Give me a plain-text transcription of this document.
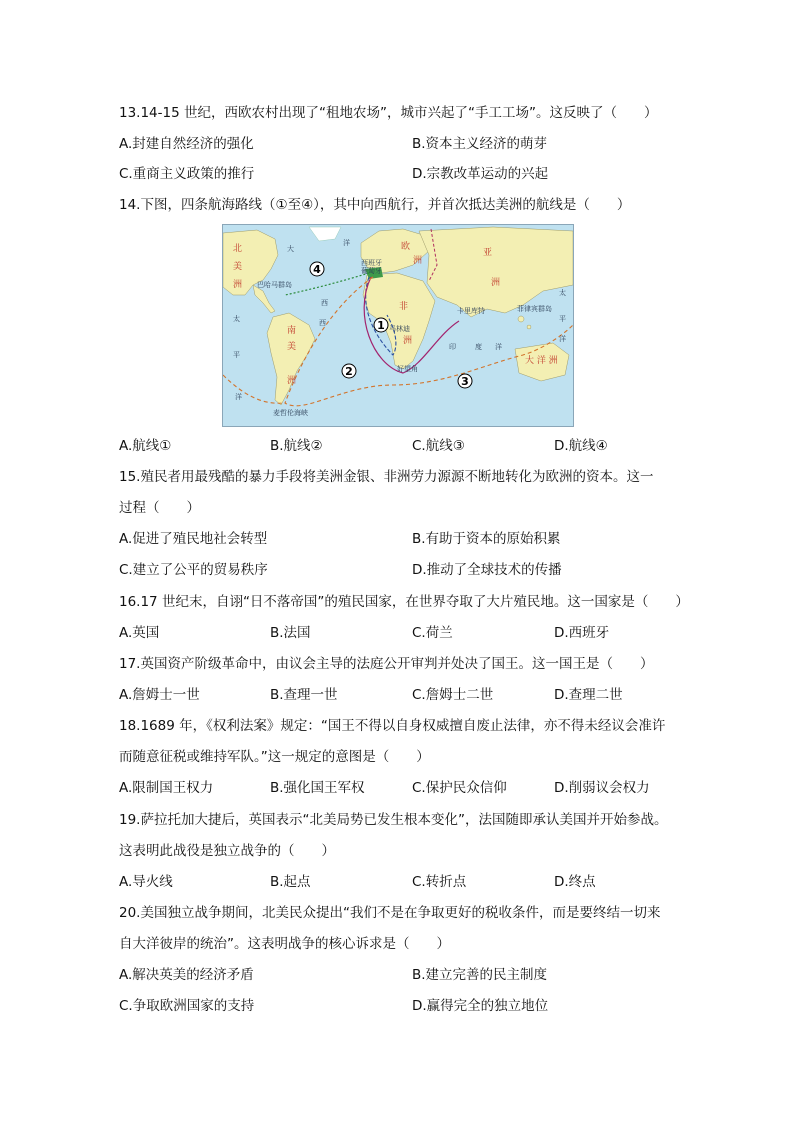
13.14-15 世纪，西欧农村出现了“租地农场”，城市兴起了“手工工场”。这反映了（　　）
A.封建自然经济的强化	B.资本主义经济的萌芽
C.重商主义政策的推行	D.宗教改革运动的兴起
14.下图，四条航海路线（①至④），其中向西航行，并首次抵达美洲的航线是（　　）
4
1
2
3
北
美
洲
大
西
太
平
洋
南
美
洲
欧
洲
亚
洲
非
洲
印	度 洋
大 洋 洲
西
洋
太
平
洋
西班牙
葡萄牙
巴哈马群岛
卡里库特	菲律宾群岛
马林迪
好望角
麦哲伦海峡
A.航线①	B.航线②	C.航线③	D.航线④
15.殖民者用最残酷的暴力手段将美洲金银、非洲劳力源源不断地转化为欧洲的资本。这一
过程（　　）
A.促进了殖民地社会转型	B.有助于资本的原始积累
C.建立了公平的贸易秩序	D.推动了全球技术的传播
16.17 世纪末，自诩“日不落帝国”的殖民国家，在世界夺取了大片殖民地。这一国家是（　　）
A.英国	B.法国	C.荷兰	D.西班牙
17.英国资产阶级革命中，由议会主导的法庭公开审判并处决了国王。这一国王是（　　）
A.詹姆士一世	B.查理一世	C.詹姆士二世	D.查理二世
18.1689 年，《权利法案》规定：“国王不得以自身权威擅自废止法律，亦不得未经议会准许
而随意征税或维持军队。”这一规定的意图是（　　）
A.限制国王权力	B.强化国王军权	C.保护民众信仰	D.削弱议会权力
19.萨拉托加大捷后，英国表示“北美局势已发生根本变化”，法国随即承认美国并开始参战。
这表明此战役是独立战争的（　　）
A.导火线	B.起点	C.转折点	D.终点
20.美国独立战争期间，北美民众提出“我们不是在争取更好的税收条件，而是要终结一切来
自大洋彼岸的统治”。这表明战争的核心诉求是（　　）
A.解决英美的经济矛盾	B.建立完善的民主制度
C.争取欧洲国家的支持	D.赢得完全的独立地位
